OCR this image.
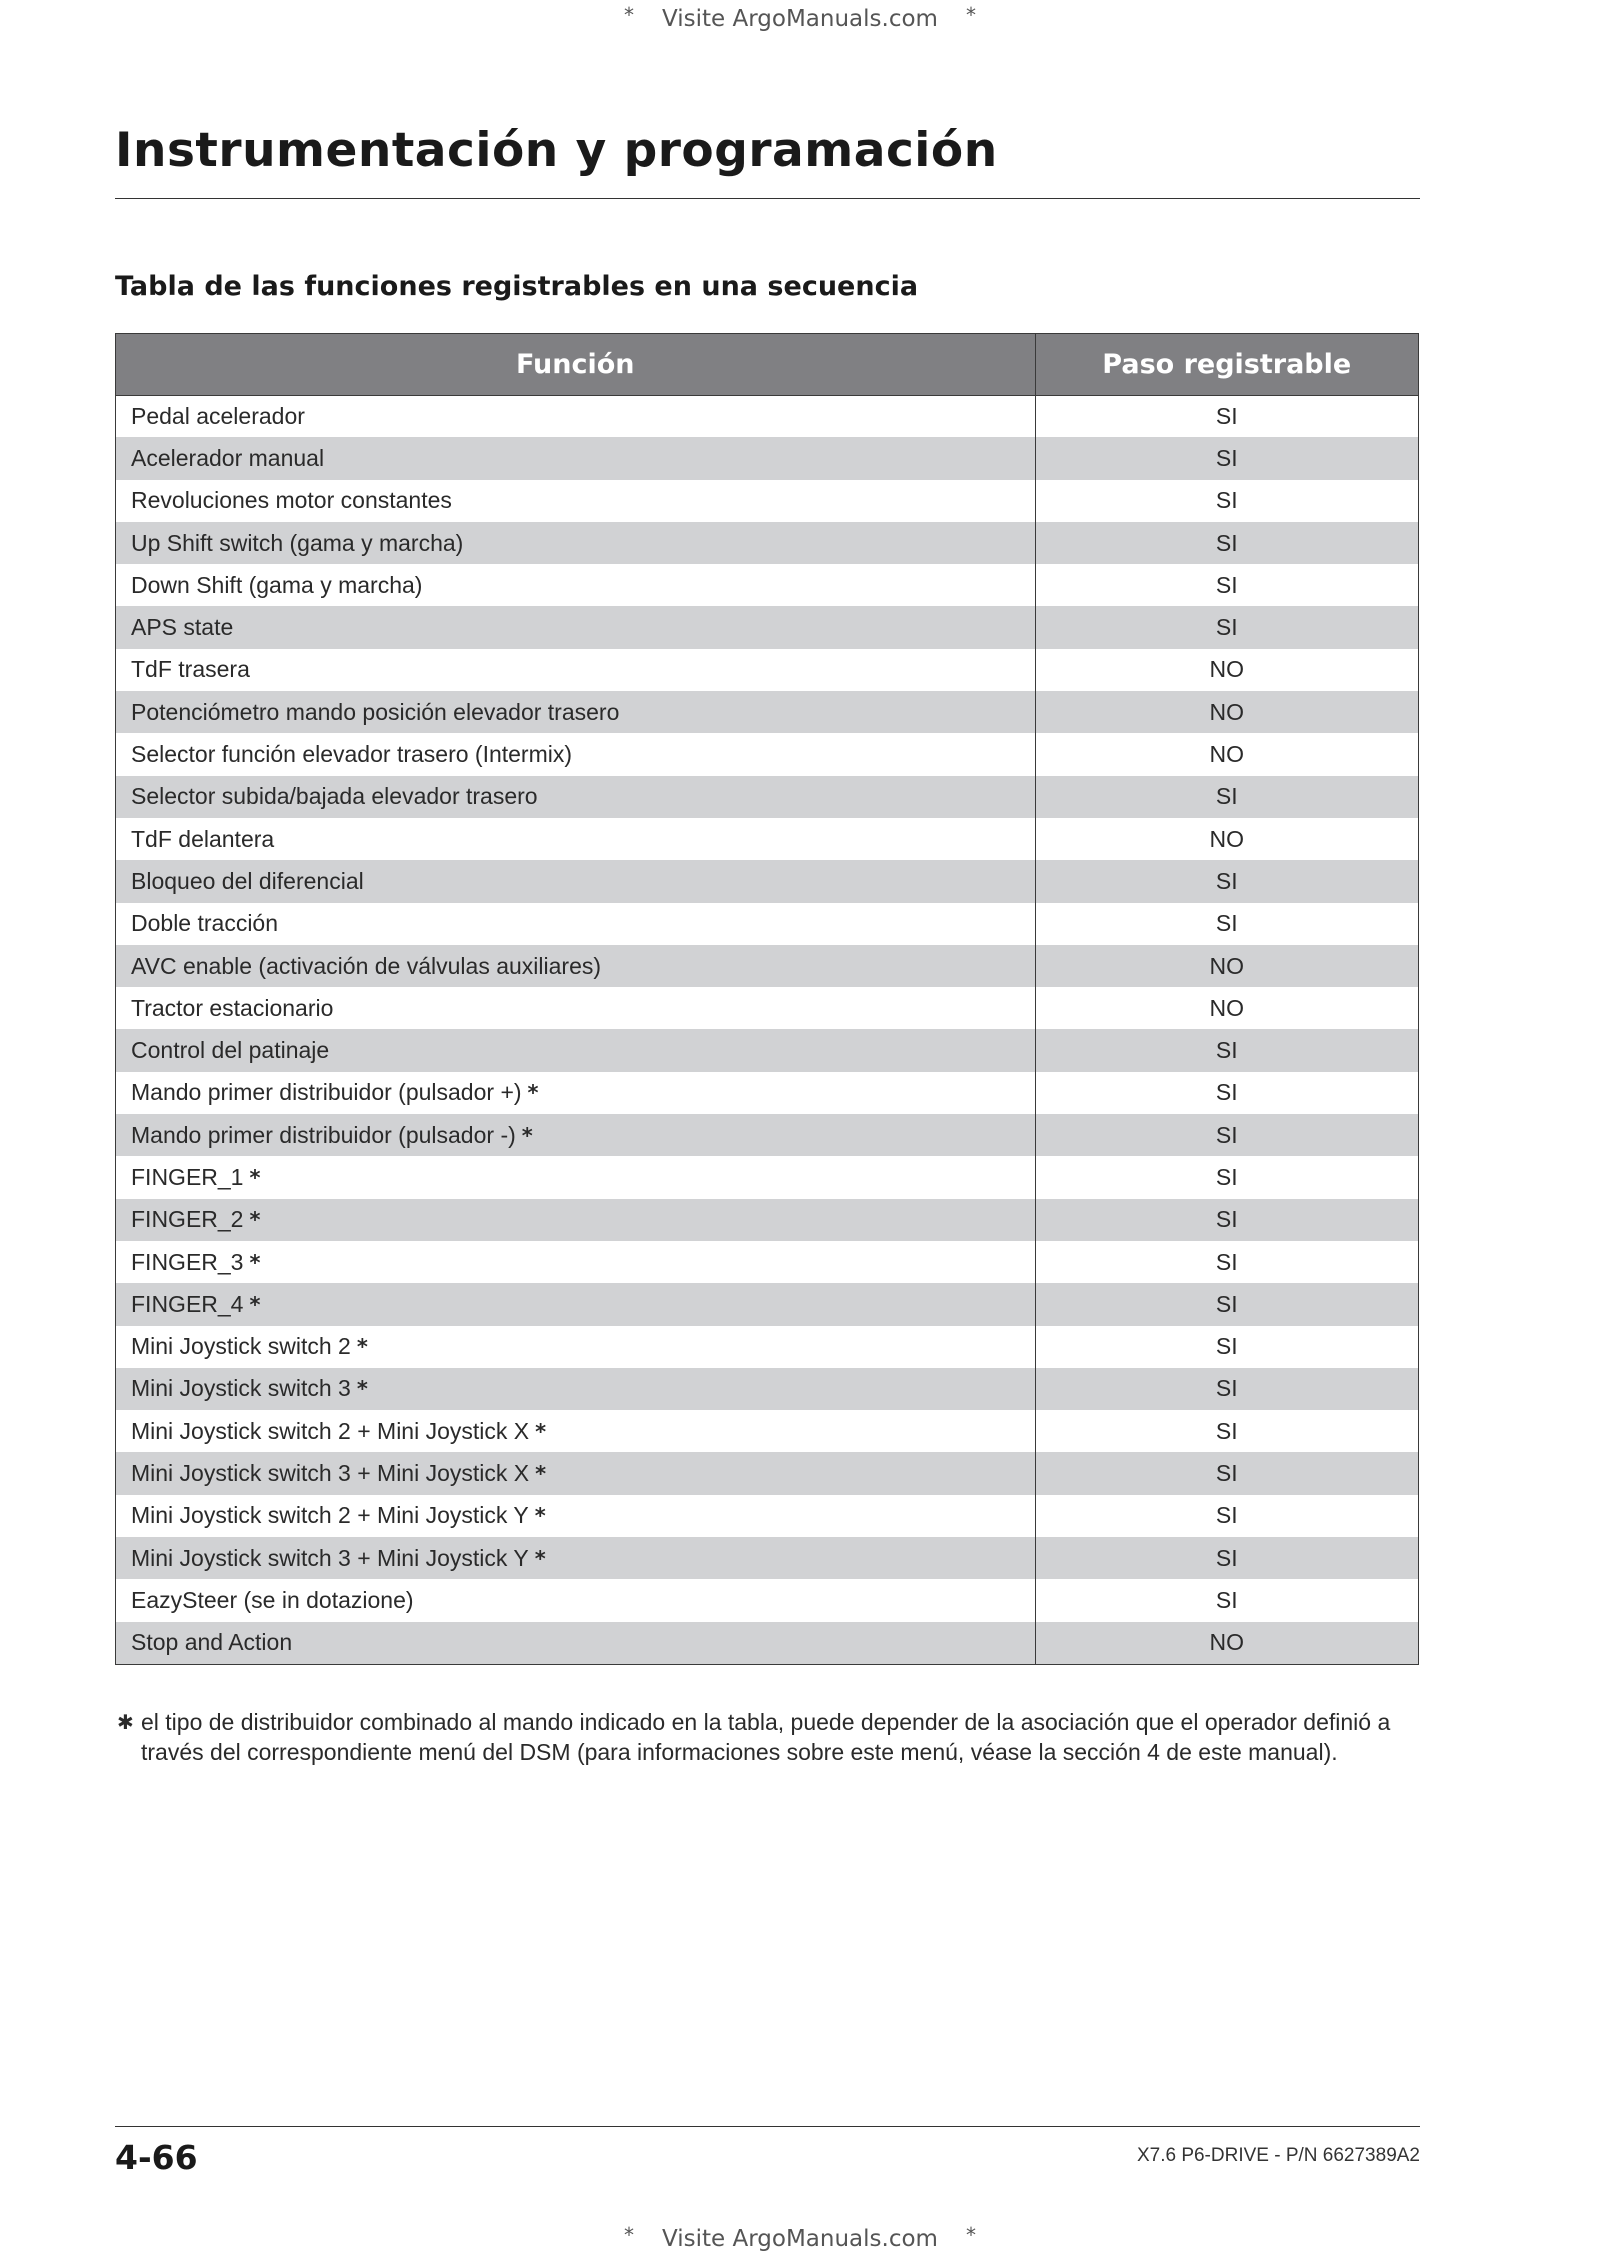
* Visite ArgoManuals.com *
Instrumentación y programación
Tabla de las funciones registrables en una secuencia
Función	Paso registrable
Pedal acelerador	SI
Acelerador manual	SI
Revoluciones motor constantes	SI
Up Shift switch (gama y marcha)	SI
Down Shift (gama y marcha)	SI
APS state	SI
TdF trasera	NO
Potenciómetro mando posición elevador trasero	NO
Selector función elevador trasero (Intermix)	NO
Selector subida/bajada elevador trasero	SI
TdF delantera	NO
Bloqueo del diferencial	SI
Doble tracción	SI
AVC enable (activación de válvulas auxiliares)	NO
Tractor estacionario	NO
Control del patinaje	SI
Mando primer distribuidor (pulsador +) *	SI
Mando primer distribuidor (pulsador -) *	SI
FINGER_1 *	SI
FINGER_2 *	SI
FINGER_3 *	SI
FINGER_4 *	SI
Mini Joystick switch 2 *	SI
Mini Joystick switch 3 *	SI
Mini Joystick switch 2 + Mini Joystick X *	SI
Mini Joystick switch 3 + Mini Joystick X *	SI
Mini Joystick switch 2 + Mini Joystick Y *	SI
Mini Joystick switch 3 + Mini Joystick Y *	SI
EazySteer (se in dotazione)	SI
Stop and Action	NO
✱ el tipo de distribuidor combinado al mando indicado en la tabla, puede depender de la asociación que el operador definió a través del correspondiente menú del DSM (para informaciones sobre este menú, véase la sección 4 de este manual).
4-66	X7.6 P6-DRIVE - P/N 6627389A2
* Visite ArgoManuals.com *
